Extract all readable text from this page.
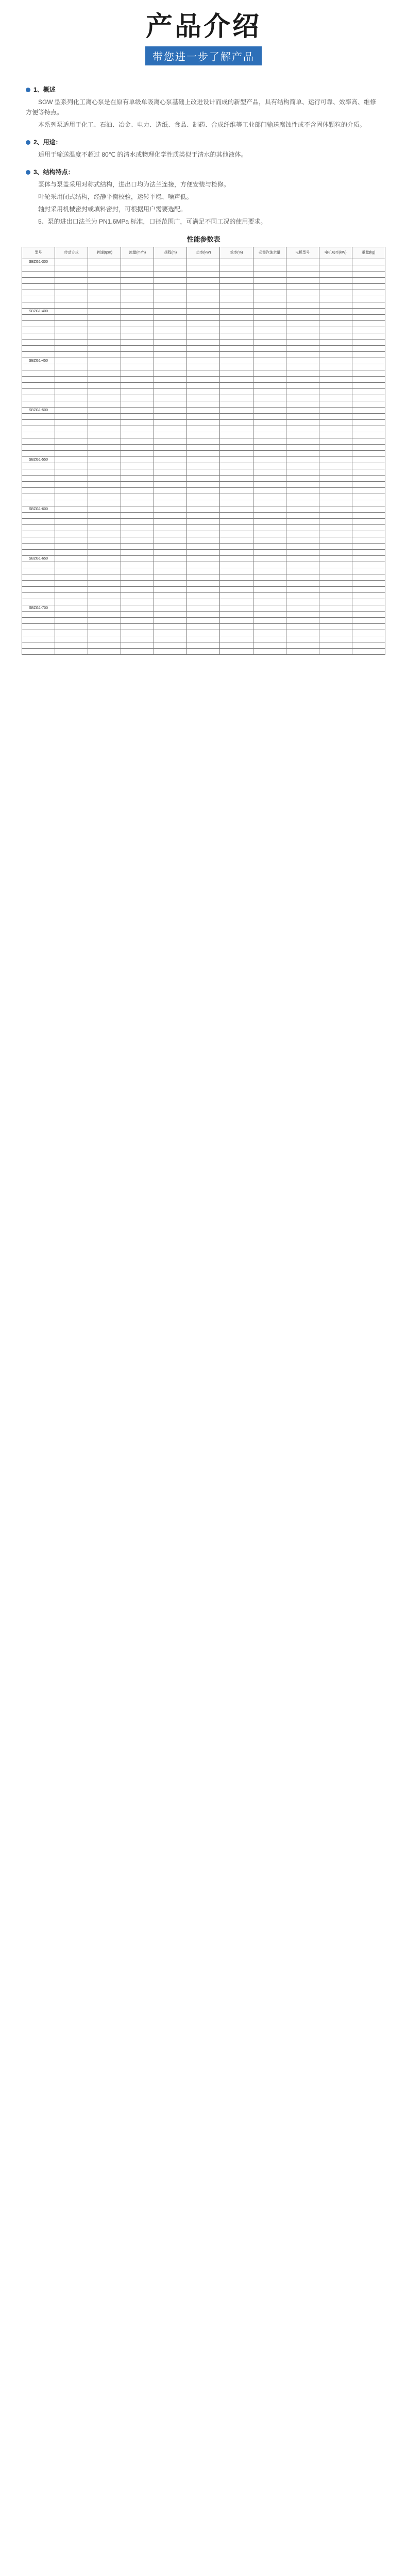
产品介绍
带您进一步了解产品
1、概述

SGW 型系列化工离心泵是在原有单级单吸离心泵基础上改进设计而成的新型产品，具有结构简单、运行可靠、效率高、维修方便等特点。

本系列泵适用于化工、石油、冶金、电力、造纸、食品、制药、合成纤维等工业部门输送腐蚀性或不含固体颗粒的介质。

2、用途：

适用于输送温度不超过 80℃ 的清水或物理化学性质类似于清水的其他液体。

3、结构特点：

泵体与泵盖采用对称式结构，进出口均为法兰连接，方便安装与检修。

叶轮采用闭式结构，经静平衡校验，运转平稳、噪声低。

轴封采用机械密封或填料密封，可根据用户需要选配。

5、泵的进出口法兰为 PN1.6MPa 标准，口径范围广，可满足不同工况的使用要求。

性能参数表
型号	传动方式	转速(rpm)	流量(m³/h)	扬程(m)	功率(kW)	效率(%)	必需汽蚀余量	电机型号	电机功率(kW)	重量(kg)
SBZG1-300										

SBZG1-400										

SBZG1-450										

SBZG1-500										

SBZG1-550										

SBZG1-600										

SBZG1-650										

SBZG1-700										
